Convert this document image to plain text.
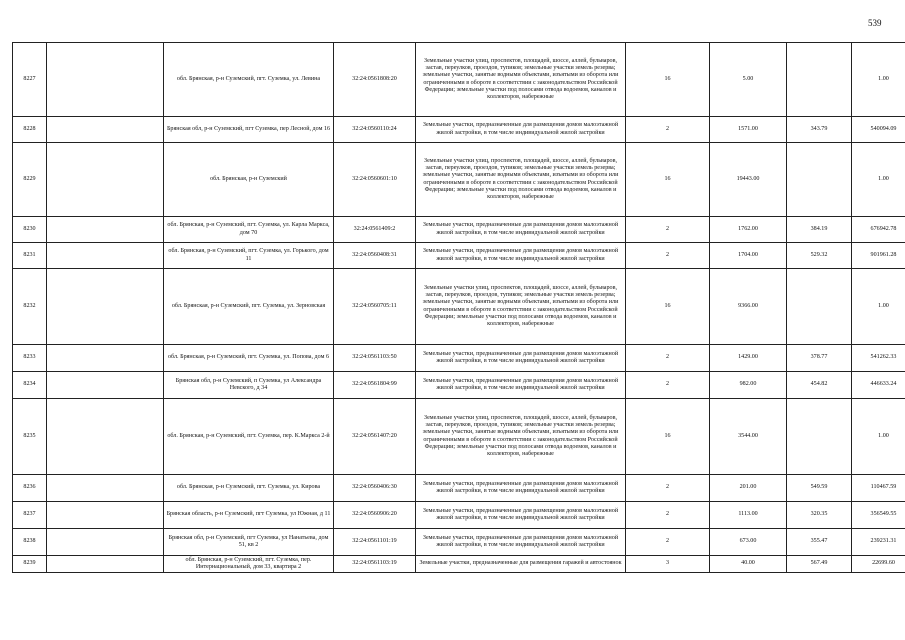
539
8227		обл. Брянская, р-н Суземский, пгт. Суземка, ул. Левина	32:24:0561808:20	Земельные участки улиц, проспектов, площадей, шоссе, аллей, бульваров, застав, переулков, проездов, тупиков; земельные участки земель резерва; земельные участки, занятые водными объектами, изъятыми из оборота или ограниченными в обороте в соответствии с законодательством Российской Федерации; земельные участки под полосами отвода водоемов, каналов и коллекторов, набережные	16	5.00		1.00
8228		Брянская обл, р-н Суземский, пгт Суземка, пер Лесной, дом 16	32:24:0560110:24	Земельные участки, предназначенные для размещения домов малоэтажной жилой застройки, в том числе индивидуальной жилой застройки	2	1571.00	343.79	540094.09
8229		обл. Брянская, р-н Суземский	32:24:0560601:10	Земельные участки улиц, проспектов, площадей, шоссе, аллей, бульваров, застав, переулков, проездов, тупиков; земельные участки земель резерва; земельные участки, занятые водными объектами, изъятыми из оборота или ограниченными в обороте в соответствии с законодательством Российской Федерации; земельные участки под полосами отвода водоемов, каналов и коллекторов, набережные	16	19443.00		1.00
8230		обл. Брянская, р-н Суземский, пгт. Суземка, ул. Карла Маркса, дом 70	32:24:0561409:2	Земельные участки, предназначенные для размещения домов малоэтажной жилой застройки, в том числе индивидуальной жилой застройки	2	1762.00	384.19	676942.78
8231		обл. Брянская, р-н Суземский, пгт. Суземка, ул. Горького, дом 11	32:24:0560408:31	Земельные участки, предназначенные для размещения домов малоэтажной жилой застройки, в том числе индивидуальной жилой застройки	2	1704.00	529.32	901961.28
8232		обл. Брянская, р-н Суземский, пгт. Суземка, ул. Зерновская	32:24:0560705:11	Земельные участки улиц, проспектов, площадей, шоссе, аллей, бульваров, застав, переулков, проездов, тупиков; земельные участки земель резерва; земельные участки, занятые водными объектами, изъятыми из оборота или ограниченными в обороте в соответствии с законодательством Российской Федерации; земельные участки под полосами отвода водоемов, каналов и коллекторов, набережные	16	9366.00		1.00
8233		обл. Брянская, р-н Суземский, пгт. Суземка, ул. Попова, дом 6	32:24:0561103:50	Земельные участки, предназначенные для размещения домов малоэтажной жилой застройки, в том числе индивидуальной жилой застройки	2	1429.00	378.77	541262.33
8234		Брянская обл, р-н Суземский, п Суземка, ул Александра Невского, д 34	32:24:0561804:99	Земельные участки, предназначенные для размещения домов малоэтажной жилой застройки, в том числе индивидуальной жилой застройки	2	982.00	454.82	446633.24
8235		обл. Брянская, р-н Суземский, пгт. Суземка, пер. К.Маркса 2-й	32:24:0561407:20	Земельные участки улиц, проспектов, площадей, шоссе, аллей, бульваров, застав, переулков, проездов, тупиков; земельные участки земель резерва; земельные участки, занятые водными объектами, изъятыми из оборота или ограниченными в обороте в соответствии с законодательством Российской Федерации; земельные участки под полосами отвода водоемов, каналов и коллекторов, набережные	16	3544.00		1.00
8236		обл. Брянская, р-н Суземский, пгт. Суземка, ул. Кирова	32:24:0560406:30	Земельные участки, предназначенные для размещения домов малоэтажной жилой застройки, в том числе индивидуальной жилой застройки	2	201.00	549.59	110467.59
8237		Брянская область, р-н Суземский, пгт Суземка, ул Южная, д 11	32:24:0560906:20	Земельные участки, предназначенные для размещения домов малоэтажной жилой застройки, в том числе индивидуальной жилой застройки	2	1113.00	320.35	356549.55
8238		Брянская обл, р-н Суземский, пгт Суземка, ул Нанатьева, дом 51, кв 2	32:24:0561101:19	Земельные участки, предназначенные для размещения домов малоэтажной жилой застройки, в том числе индивидуальной жилой застройки	2	673.00	355.47	239231.31
8239		обл. Брянская, р-н Суземский, пгт. Суземка, пер. Интернациональный, дом 33, квартира 2	32:24:0561103:19	Земельные участки, предназначенные для размещения гаражей и автостоянок	3	40.00	567.49	22699.60
